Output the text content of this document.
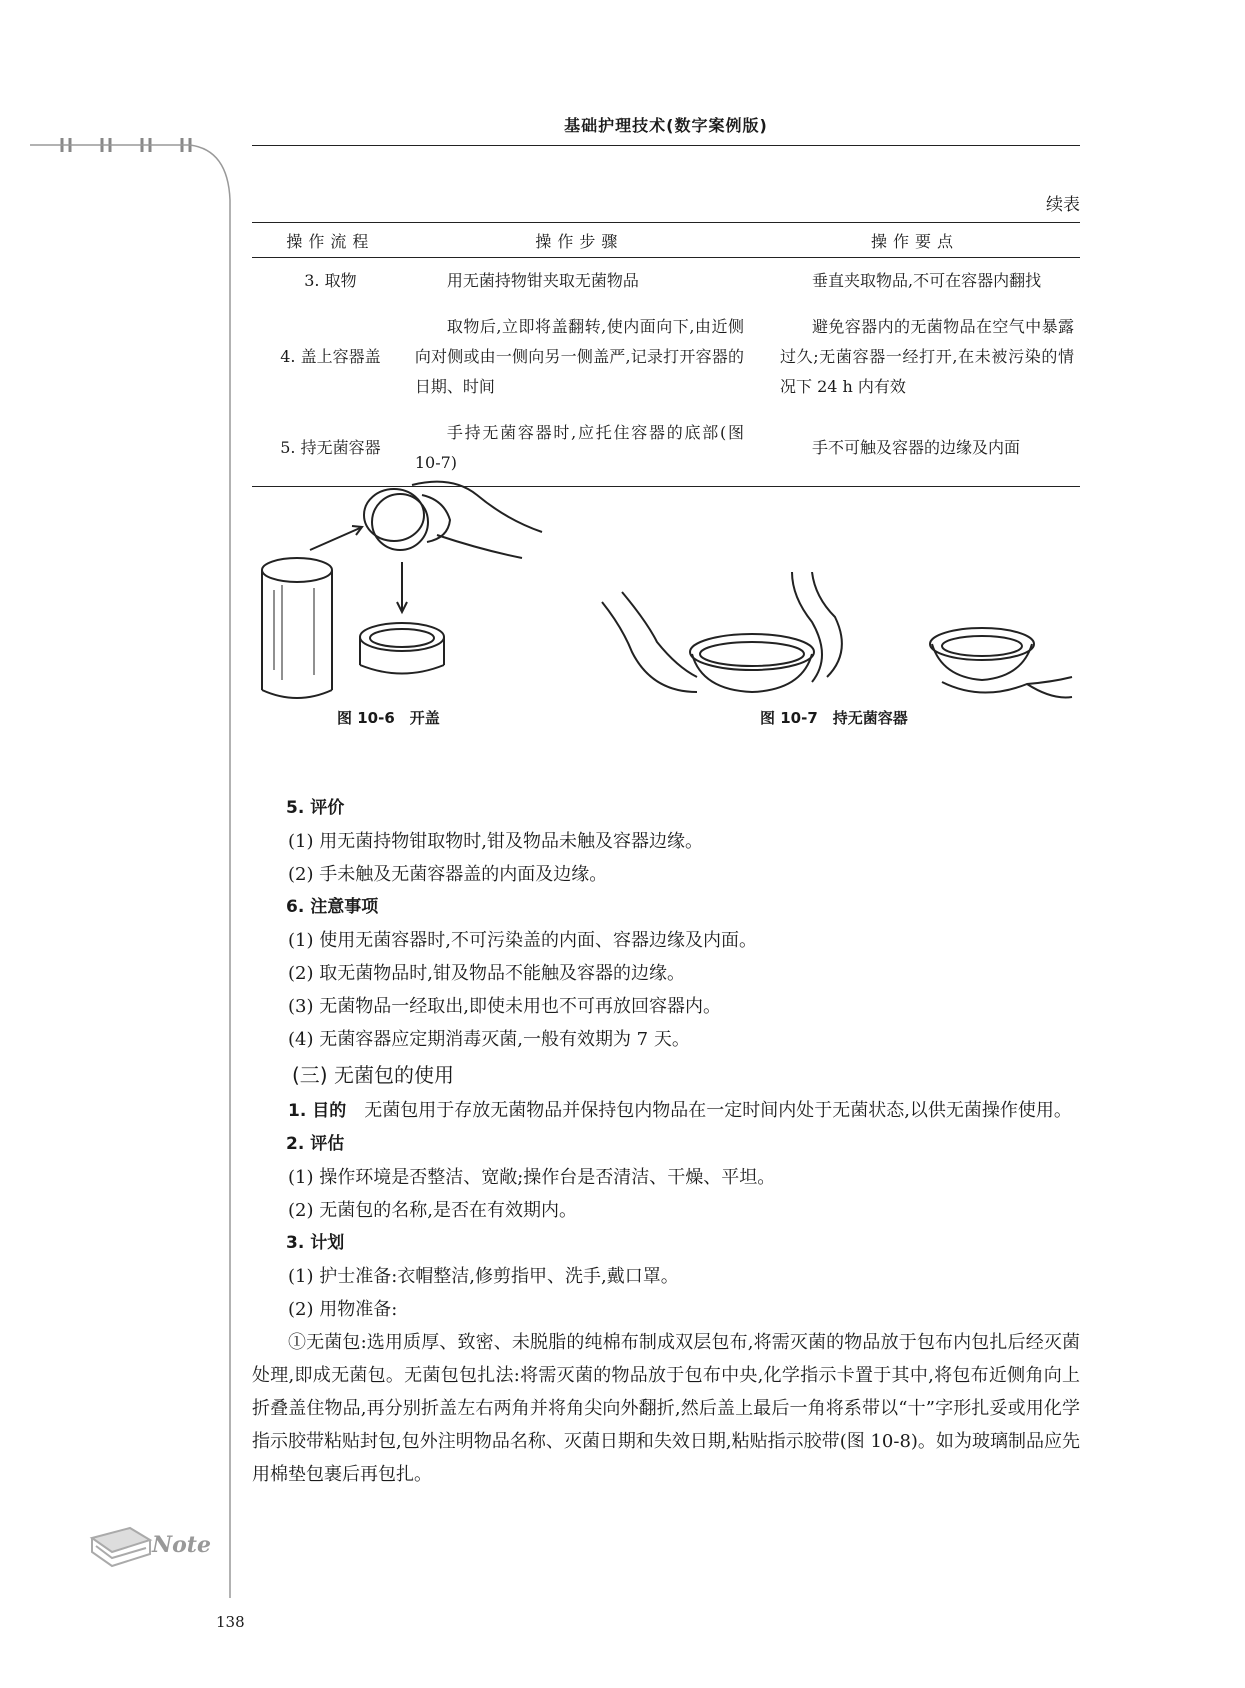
Note
基础护理技术(数字案例版)
续表
操作流程	操作步骤	操作要点
3. 取物	用无菌持物钳夹取无菌物品	垂直夹取物品,不可在容器内翻找
4. 盖上容器盖	取物后,立即将盖翻转,使内面向下,由近侧向对侧或由一侧向另一侧盖严,记录打开容器的日期、时间	避免容器内的无菌物品在空气中暴露过久;无菌容器一经打开,在未被污染的情况下 24 h 内有效
5. 持无菌容器	手持无菌容器时,应托住容器的底部(图 10-7)	手不可触及容器的边缘及内面
图 10-6　开盖	图 10-7　持无菌容器
5. 评价

(1) 用无菌持物钳取物时,钳及物品未触及容器边缘。

(2) 手未触及无菌容器盖的内面及边缘。

6. 注意事项

(1) 使用无菌容器时,不可污染盖的内面、容器边缘及内面。

(2) 取无菌物品时,钳及物品不能触及容器的边缘。

(3) 无菌物品一经取出,即使未用也不可再放回容器内。

(4) 无菌容器应定期消毒灭菌,一般有效期为 7 天。

(三) 无菌包的使用

1. 目的　无菌包用于存放无菌物品并保持包内物品在一定时间内处于无菌状态,以供无菌操作使用。

2. 评估

(1) 操作环境是否整洁、宽敞;操作台是否清洁、干燥、平坦。

(2) 无菌包的名称,是否在有效期内。

3. 计划

(1) 护士准备:衣帽整洁,修剪指甲、洗手,戴口罩。

(2) 用物准备:

①无菌包:选用质厚、致密、未脱脂的纯棉布制成双层包布,将需灭菌的物品放于包布内包扎后经灭菌处理,即成无菌包。无菌包包扎法:将需灭菌的物品放于包布中央,化学指示卡置于其中,将包布近侧角向上折叠盖住物品,再分别折盖左右两角并将角尖向外翻折,然后盖上最后一角将系带以“十”字形扎妥或用化学指示胶带粘贴封包,包外注明物品名称、灭菌日期和失效日期,粘贴指示胶带(图 10-8)。如为玻璃制品应先用棉垫包裹后再包扎。

138
